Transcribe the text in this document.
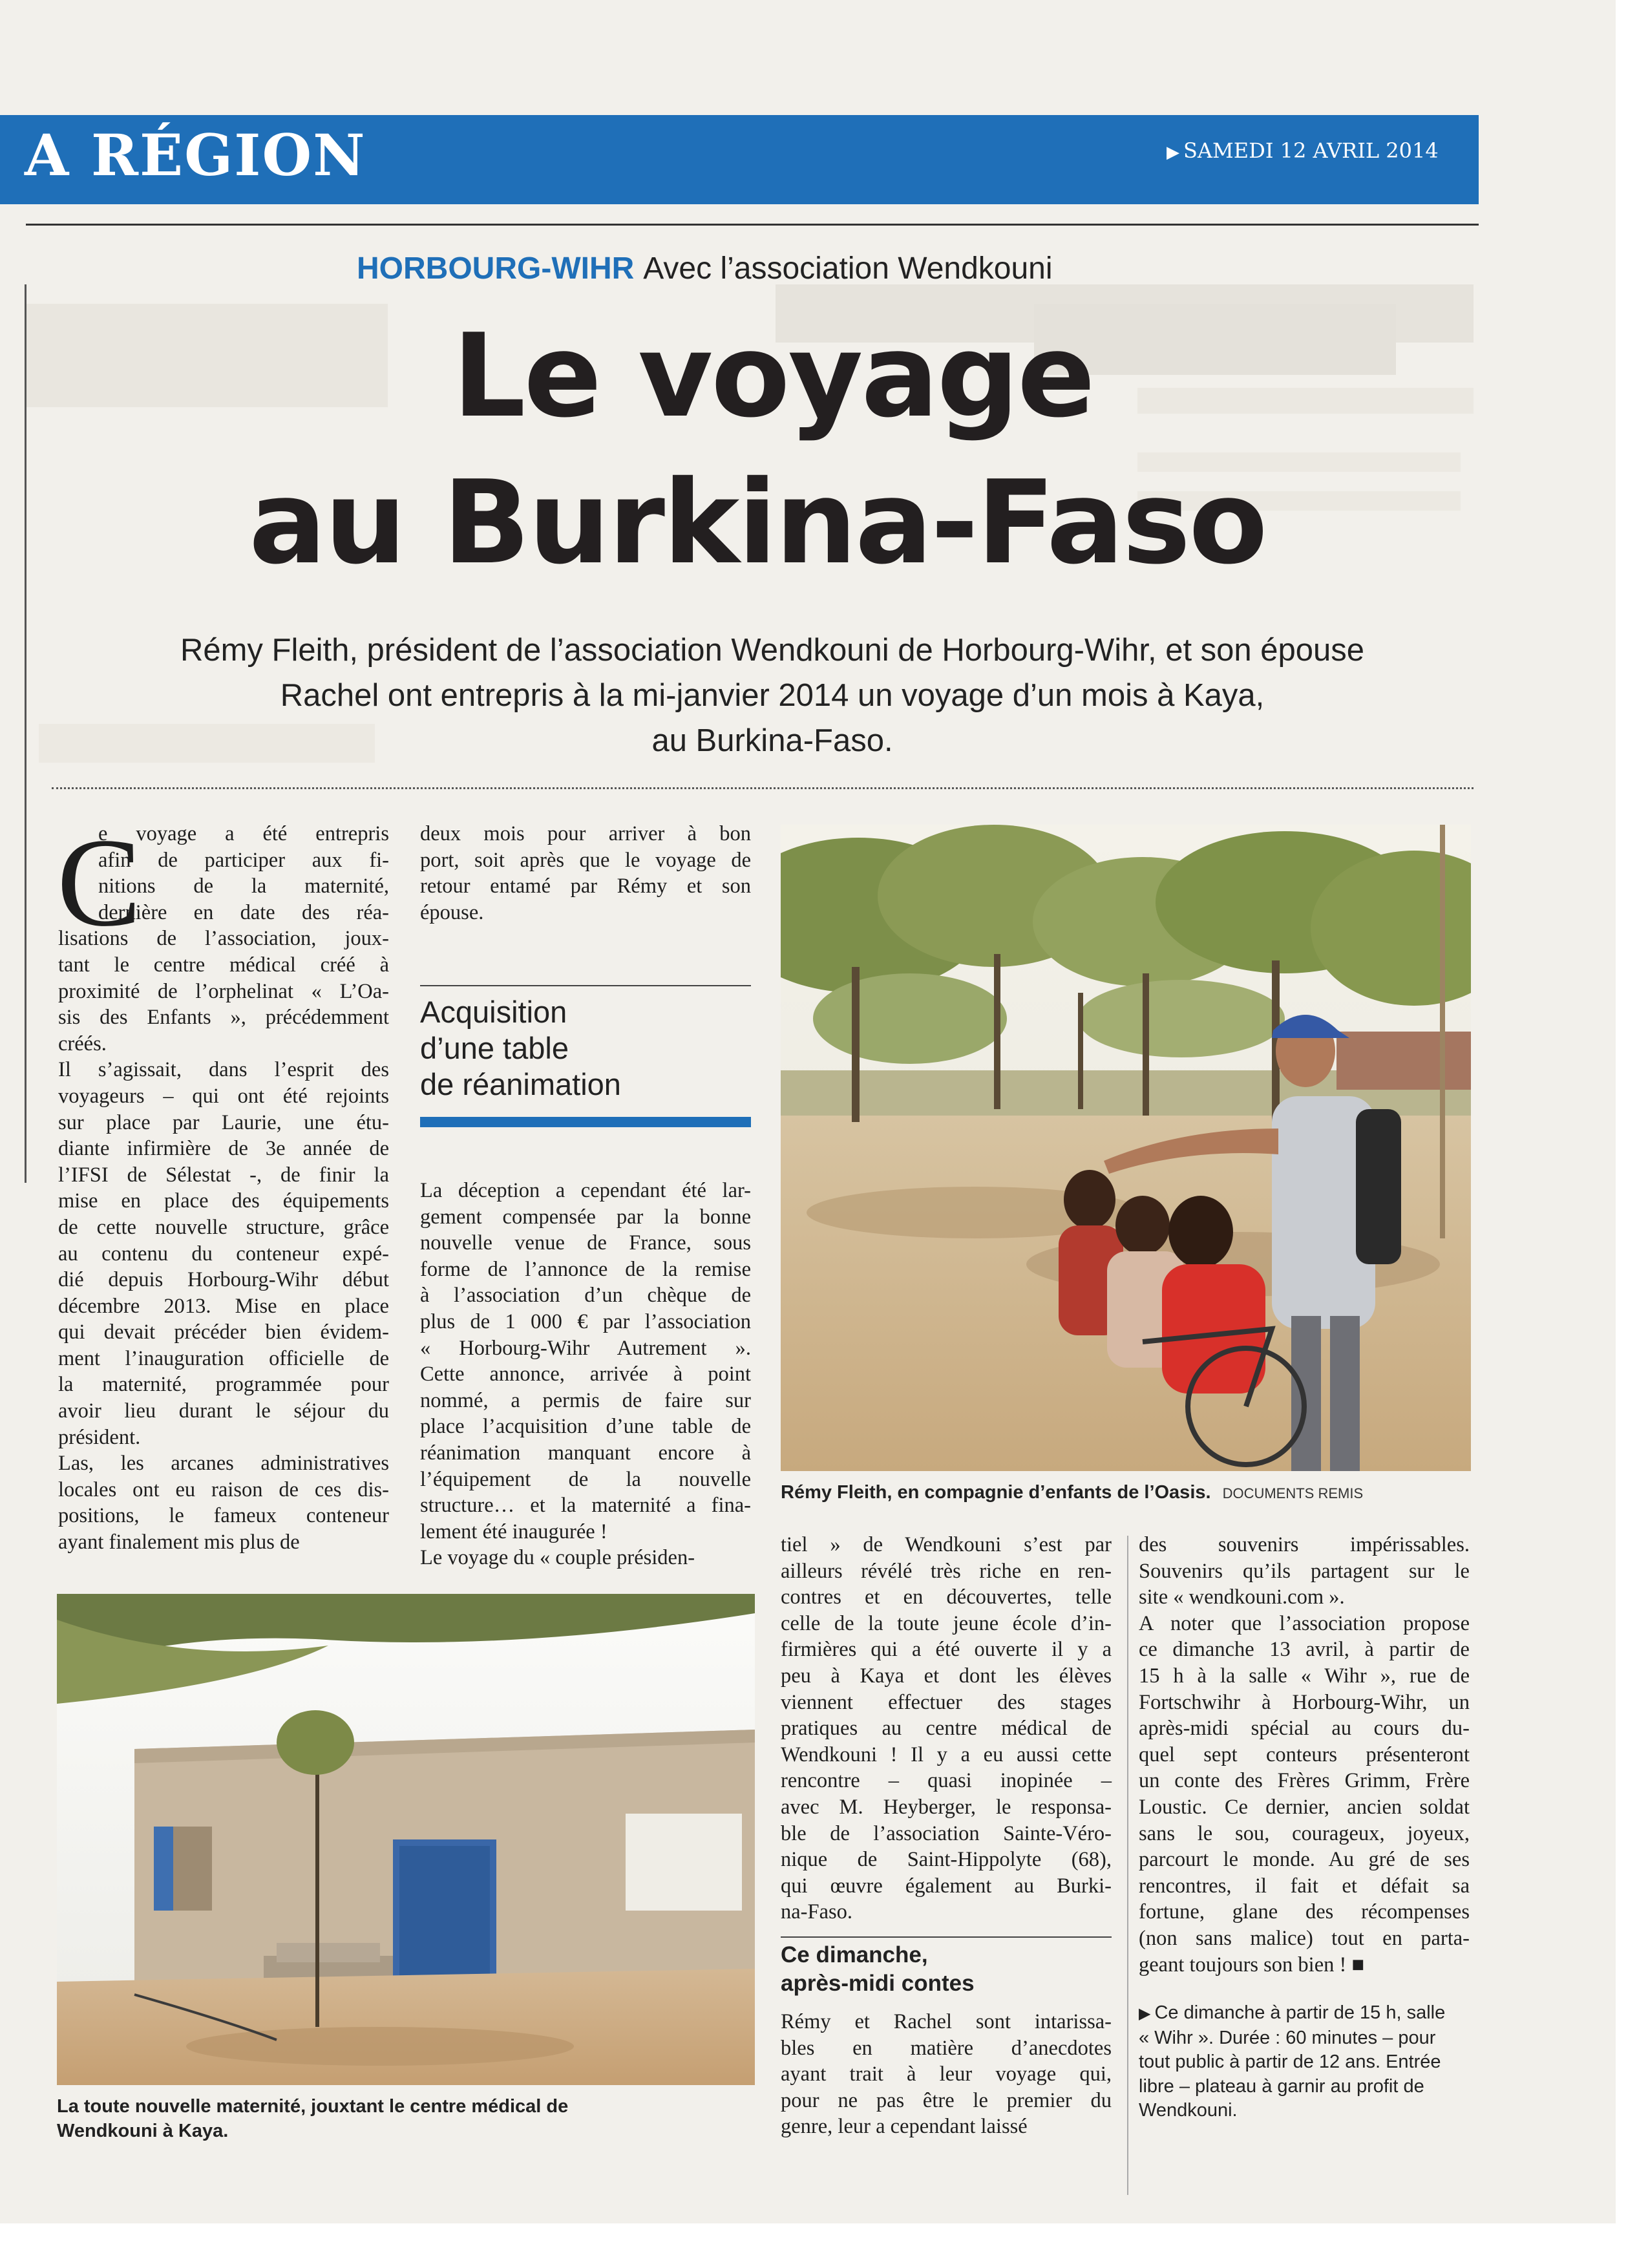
A RÉGION	▶ SAMEDI 12 AVRIL 2014
HORBOURG-WIHR Avec l’association Wendkouni
Le voyage
au Burkina-Faso
Rémy Fleith, président de l’association Wendkouni de Horbourg-Wihr, et son épouse
Rachel ont entrepris à la mi-janvier 2014 un voyage d’un mois à Kaya,
au Burkina-Faso.
C
e voyage a été entrepris
afin de participer aux fi-
nitions de la maternité,
dernière en date des réa-
lisations de l’association, joux-
tant le centre médical créé à
proximité de l’orphelinat « L’Oa-
sis des Enfants », précédemment
créés.
Il s’agissait, dans l’esprit des
voyageurs – qui ont été rejoints
sur place par Laurie, une étu-
diante infirmière de 3e année de
l’IFSI de Sélestat -, de finir la
mise en place des équipements
de cette nouvelle structure, grâce
au contenu du conteneur expé-
dié depuis Horbourg-Wihr début
décembre 2013. Mise en place
qui devait précéder bien évidem-
ment l’inauguration officielle de
la maternité, programmée pour
avoir lieu durant le séjour du
président.
Las, les arcanes administratives
locales ont eu raison de ces dis-
positions, le fameux conteneur
ayant finalement mis plus de
deux mois pour arriver à bon
port, soit après que le voyage de
retour entamé par Rémy et son
épouse.
Acquisition
d’une table
de réanimation
La déception a cependant été lar-
gement compensée par la bonne
nouvelle venue de France, sous
forme de l’annonce de la remise
à l’association d’un chèque de
plus de 1 000 € par l’association
« Horbourg-Wihr Autrement ».
Cette annonce, arrivée à point
nommé, a permis de faire sur
place l’acquisition d’une table de
réanimation manquant encore à
l’équipement de la nouvelle
structure… et la maternité a fina-
lement été inaugurée !
Le voyage du « couple présiden-
Rémy Fleith, en compagnie d’enfants de l’Oasis. DOCUMENTS REMIS
tiel » de Wendkouni s’est par
ailleurs révélé très riche en ren-
contres et en découvertes, telle
celle de la toute jeune école d’in-
firmières qui a été ouverte il y a
peu à Kaya et dont les élèves
viennent effectuer des stages
pratiques au centre médical de
Wendkouni ! Il y a eu aussi cette
rencontre – quasi inopinée –
avec M. Heyberger, le responsa-
ble de l’association Sainte-Véro-
nique de Saint-Hippolyte (68),
qui œuvre également au Burki-
na-Faso.
Ce dimanche,
après-midi contes
Rémy et Rachel sont intarissa-
bles en matière d’anecdotes
ayant trait à leur voyage qui,
pour ne pas être le premier du
genre, leur a cependant laissé
des souvenirs impérissables.
Souvenirs qu’ils partagent sur le
site « wendkouni.com ».
A noter que l’association propose
ce dimanche 13 avril, à partir de
15 h à la salle « Wihr », rue de
Fortschwihr à Horbourg-Wihr, un
après-midi spécial au cours du-
quel sept conteurs présenteront
un conte des Frères Grimm, Frère
Loustic. Ce dernier, ancien soldat
sans le sou, courageux, joyeux,
parcourt le monde. Au gré de ses
rencontres, il fait et défait sa
fortune, glane des récompenses
(non sans malice) tout en parta-
geant toujours son bien ! ■
▶ Ce dimanche à partir de 15 h, salle
« Wihr ». Durée : 60 minutes – pour
tout public à partir de 12 ans. Entrée
libre – plateau à garnir au profit de
Wendkouni.
La toute nouvelle maternité, jouxtant le centre médical de
Wendkouni à Kaya.
